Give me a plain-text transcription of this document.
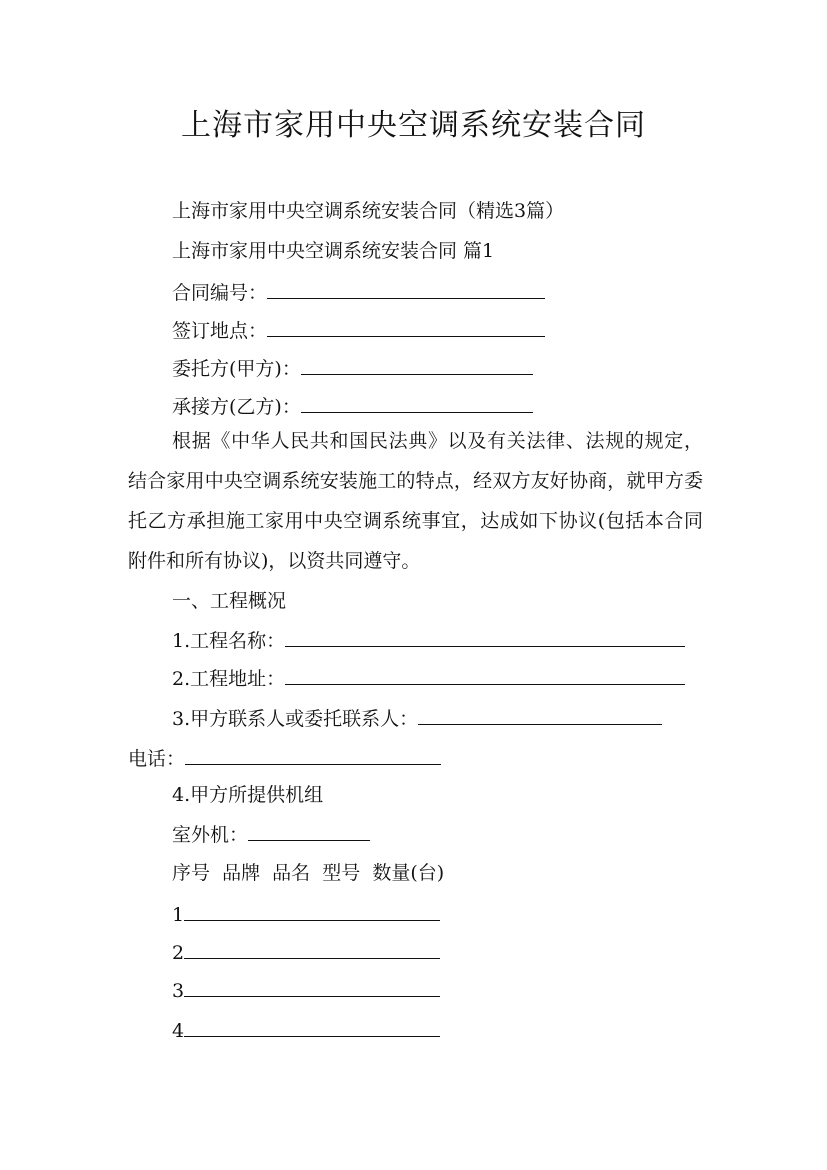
上海市家用中央空调系统安装合同
上海市家用中央空调系统安装合同（精选3篇）
上海市家用中央空调系统安装合同 篇1
合同编号：
签订地点：
委托方(甲方)：
承接方(乙方)：

根据《中华人民共和国民法典》以及有关法律、法规的规定，结合家用中央空调系统安装施工的特点，经双方友好协商，就甲方委托乙方承担施工家用中央空调系统事宜，达成如下协议(包括本合同附件和所有协议)，以资共同遵守。

一、工程概况
1.工程名称：
2.工程地址：
3.甲方联系人或委托联系人：
电话：
4.甲方所提供机组
室外机：
序号  品牌  品名  型号  数量(台)
1
2
3
4
